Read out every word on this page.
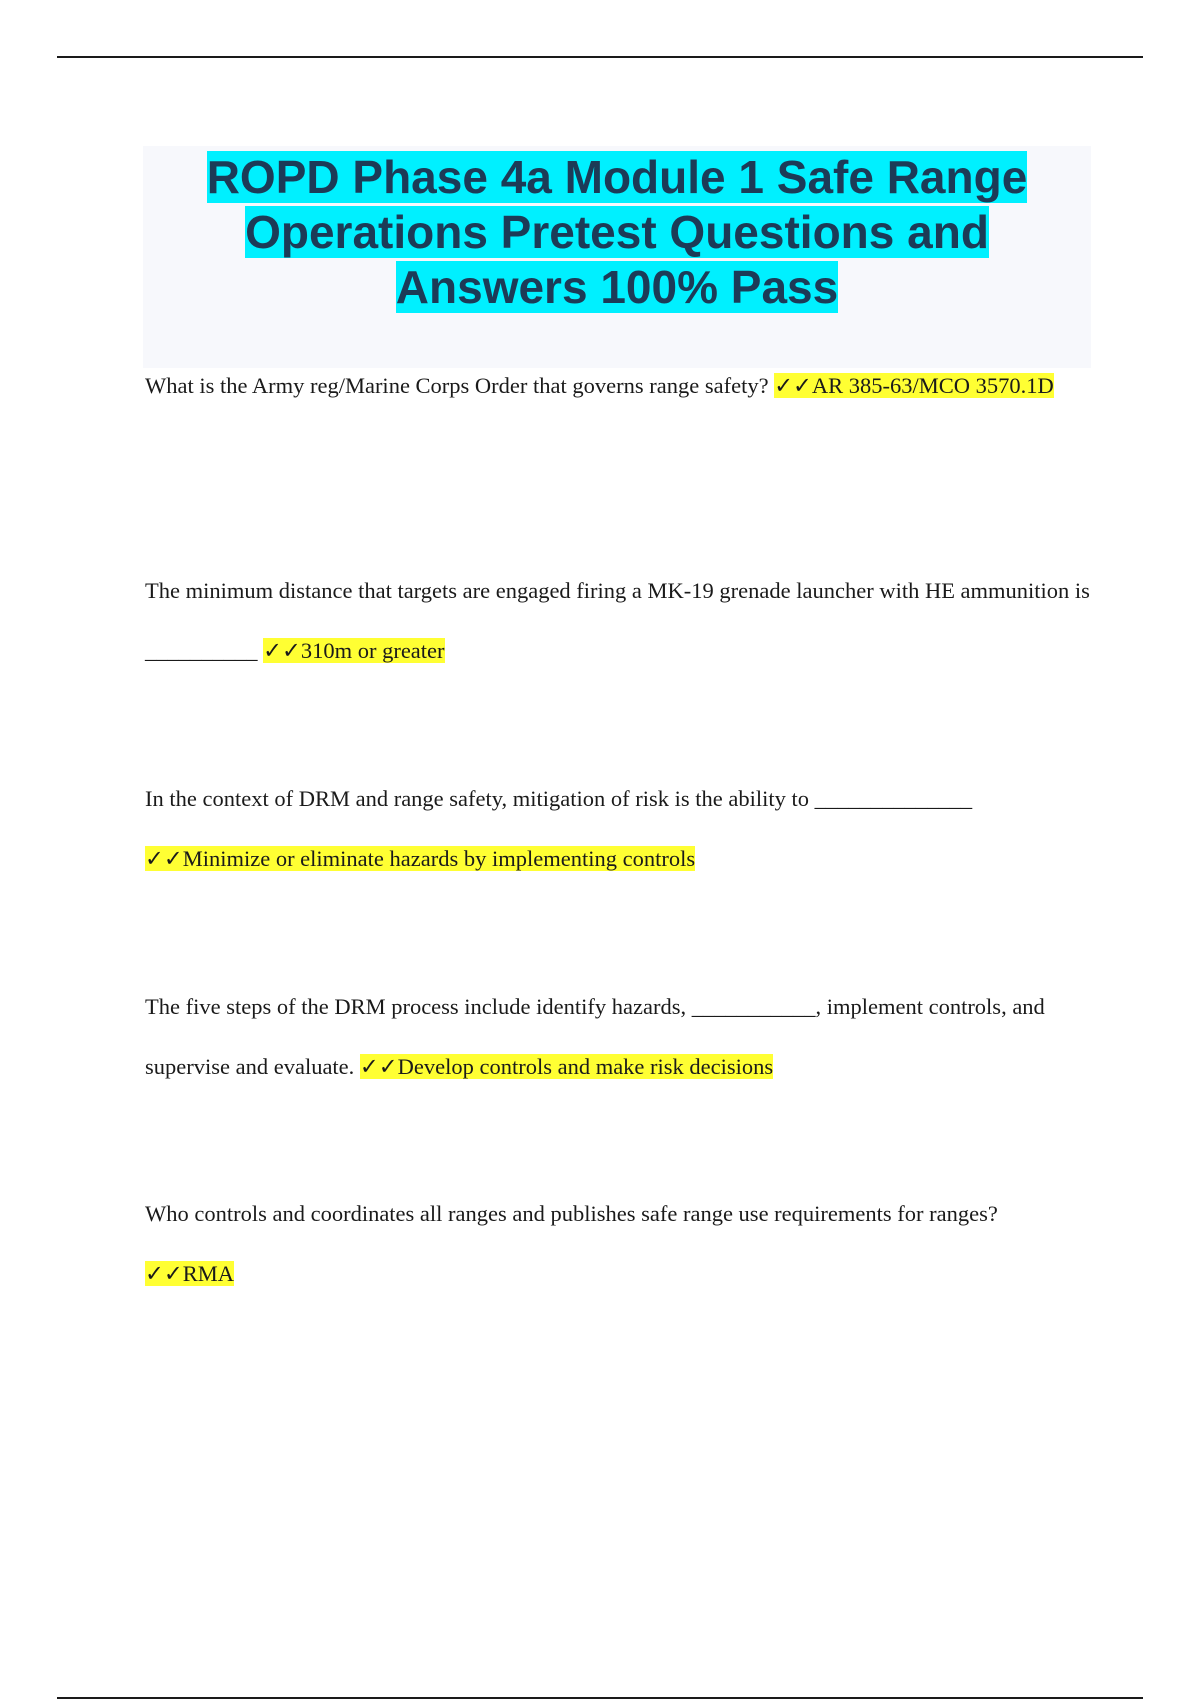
ROPD Phase 4a Module 1 Safe Range
Operations Pretest Questions and
Answers 100% Pass

What is the Army reg/Marine Corps Order that governs range safety? ✓✓AR 385-63/MCO 3570.1D

The minimum distance that targets are engaged firing a MK-19 grenade launcher with HE ammunition is __________ ✓✓310m or greater

In the context of DRM and range safety, mitigation of risk is the ability to ______________ ✓✓Minimize or eliminate hazards by implementing controls

The five steps of the DRM process include identify hazards, ___________, implement controls, and supervise and evaluate. ✓✓Develop controls and make risk decisions

Who controls and coordinates all ranges and publishes safe range use requirements for ranges?
✓✓RMA
